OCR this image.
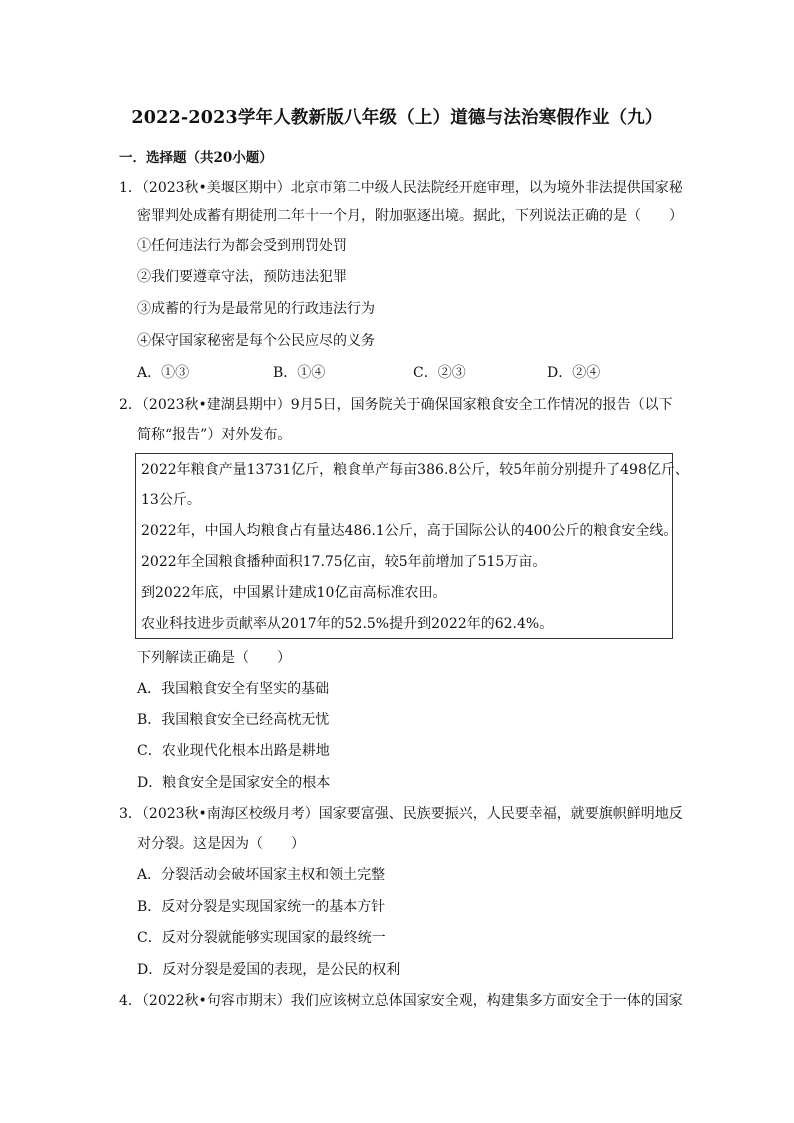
2022-2023学年人教新版八年级（上）道德与法治寒假作业（九）
一．选择题（共20小题）
1．（2023秋•美堰区期中）北京市第二中级人民法院经开庭审理，以为境外非法提供国家秘
密罪判处成蓄有期徒刑二年十一个月，附加驱逐出境。据此，下列说法正确的是（　　）
①任何违法行为都会受到刑罚处罚
②我们要遵章守法，预防违法犯罪
③成蓄的行为是最常见的行政违法行为
④保守国家秘密是每个公民应尽的义务
A．①③	B．①④	C．②③	D．②④
2．（2023秋•建湖县期中）9月5日，国务院关于确保国家粮食安全工作情况的报告（以下
简称“报告”）对外发布。
2022年粮食产量13731亿斤，粮食单产每亩386.8公斤，较5年前分别提升了498亿斤、
13公斤。
2022年，中国人均粮食占有量达486.1公斤，高于国际公认的400公斤的粮食安全线。
2022年全国粮食播种面积17.75亿亩，较5年前增加了515万亩。
到2022年底，中国累计建成10亿亩高标准农田。
农业科技进步贡献率从2017年的52.5%提升到2022年的62.4%。
下列解读正确是（　　）
A．我国粮食安全有坚实的基础
B．我国粮食安全已经高枕无忧
C．农业现代化根本出路是耕地
D．粮食安全是国家安全的根本
3．（2023秋•南海区校级月考）国家要富强、民族要振兴，人民要幸福，就要旗帜鲜明地反
对分裂。这是因为（　　）
A．分裂活动会破坏国家主权和领土完整
B．反对分裂是实现国家统一的基本方针
C．反对分裂就能够实现国家的最终统一
D．反对分裂是爱国的表现，是公民的权利
4．（2022秋•句容市期末）我们应该树立总体国家安全观，构建集多方面安全于一体的国家
